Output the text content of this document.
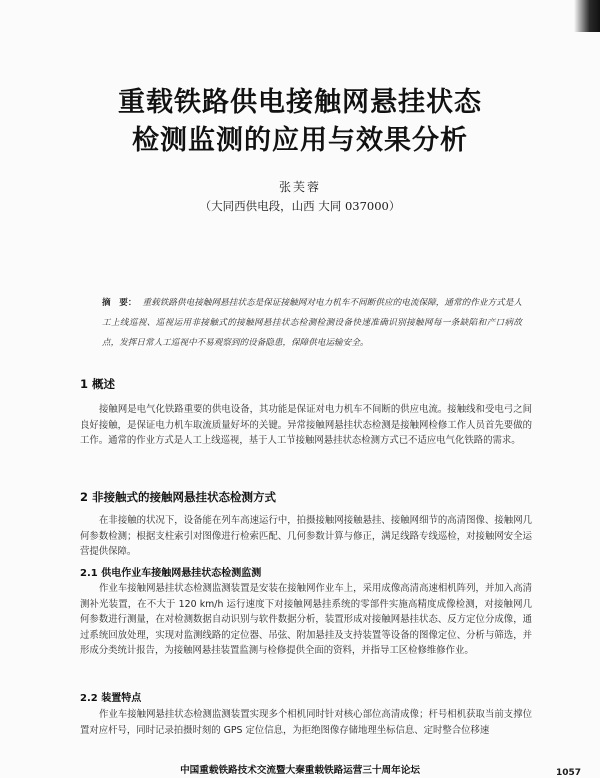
重载铁路供电接触网悬挂状态
检测监测的应用与效果分析
张芙蓉
（大同西供电段，山西 大同 037000）
摘　要： 重载铁路供电接触网悬挂状态是保证接触网对电力机车不间断供应的电流保障，通常的作业方式是人工上线巡视、巡视运用非接触式的接触网悬挂状态检测检测设备快速准确识别接触网每一条缺陷和产口病故点，发挥日常人工巡视中不易观察到的设备隐患，保障供电运输安全。
1 概述
接触网是电气化铁路重要的供电设备，其功能是保证对电力机车不间断的供应电流。接触线和受电弓之间良好接触，是保证电力机车取流质量好坏的关键。异常接触网悬挂状态检测是接触网检修工作人员首先要做的工作。通常的作业方式是人工上线巡视，基于人工节接触网悬挂状态检测方式已不适应电气化铁路的需求。
2 非接触式的接触网悬挂状态检测方式
在非接触的状况下，设备能在列车高速运行中，拍摄接触网接触悬挂、接触网细节的高清图像、接触网几何参数检测；根据支柱索引对图像进行检索匹配、几何参数计算与修正，满足线路专线巡检，对接触网安全运营提供保障。
2.1 供电作业车接触网悬挂状态检测监测
作业车接触网悬挂状态检测监测装置是安装在接触网作业车上，采用成像高清高速相机阵列，并加入高清测补光装置，在不大于 120 km/h 运行速度下对接触网悬挂系统的零部件实施高精度成像检测，对接触网几何参数进行测量，在对检测数据自动识别与软件数据分析，装置形成对接触网悬挂状态、反方定位分成像，通过系统回放处理，实现对监测线路的定位器、吊弦、附加悬挂及支持装置等设备的图像定位、分析与筛选，并形成分类统计报告，为接触网悬挂装置监测与检修提供全面的资料，并指导工区检修维修作业。
2.2 装置特点
作业车接触网悬挂状态检测监测装置实现多个相机同时针对核心部位高清成像；杆号相机获取当前支撑位置对应杆号，同时记录拍摄时刻的 GPS 定位信息，为拒绝图像存储地理坐标信息、定时整合位移速
中国重载铁路技术交流暨大秦重载铁路运营三十周年论坛	1057
